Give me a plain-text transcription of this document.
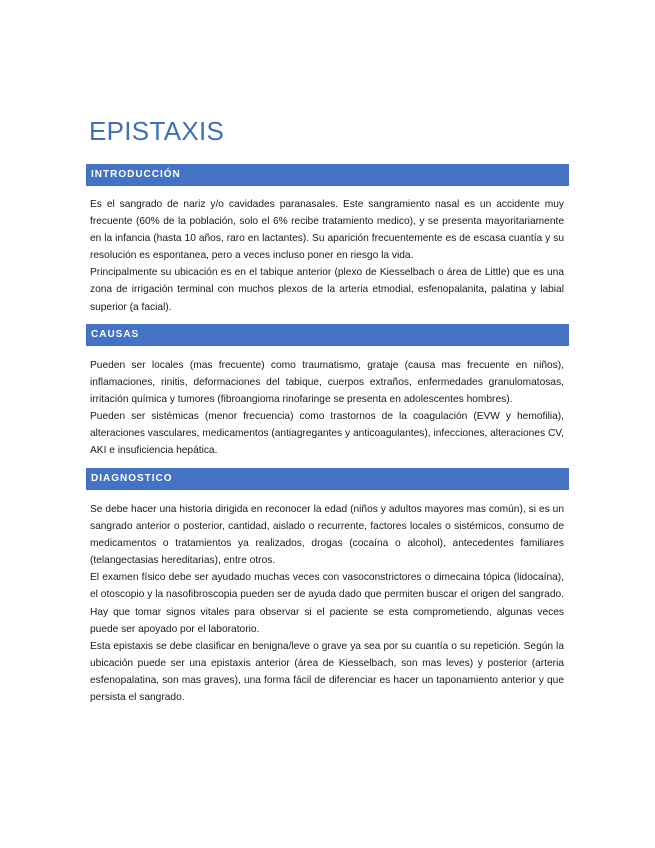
EPISTAXIS
INTRODUCCIÓN

Es el sangrado de nariz y/o cavidades paranasales. Este sangramiento nasal es un accidente muy frecuente (60% de la población, solo el 6% recibe tratamiento medico), y se presenta mayoritariamente en la infancia (hasta 10 años, raro en lactantes). Su aparición frecuentemente es de escasa cuantía y su resolución es espontanea, pero a veces incluso poner en riesgo la vida.

Principalmente su ubicación es en el tabique anterior (plexo de Kiesselbach o área de Little) que es una zona de irrigación terminal con muchos plexos de la arteria etmodial, esfenopalanita, palatina y labial superior (a facial).

CAUSAS

Pueden ser locales (mas frecuente) como traumatismo, grataje (causa mas frecuente en niños), inflamaciones, rinitis, deformaciones del tabique, cuerpos extraños, enfermedades granulomatosas, irritación química y tumores (fibroangioma rinofaringe se presenta en adolescentes hombres).

Pueden ser sistémicas (menor frecuencia) como trastornos de la coagulación (EVW y hemofilia), alteraciones vasculares, medicamentos (antiagregantes y anticoagulantes), infecciones, alteraciones CV, AKI e insuficiencia hepática.

DIAGNOSTICO

Se debe hacer una historia dirigida en reconocer la edad (niños y adultos mayores mas común), si es un sangrado anterior o posterior, cantidad, aislado o recurrente, factores locales o sistémicos, consumo de medicamentos o tratamientos ya realizados, drogas (cocaína o alcohol), antecedentes familiares (telangectasias hereditarias), entre otros.

El examen físico debe ser ayudado muchas veces con vasoconstrictores o dimecaina tópica (lidocaína), el otoscopio y la nasofibroscopia pueden ser de ayuda dado que permiten buscar el origen del sangrado. Hay que tomar signos vitales para observar si el paciente se esta comprometiendo, algunas veces puede ser apoyado por el laboratorio.

Esta epistaxis se debe clasificar en benigna/leve o grave ya sea por su cuantía o su repetición. Según la ubicación puede ser una epistaxis anterior (área de Kiesselbach, son mas leves) y posterior (arteria esfenopalatina, son mas graves), una forma fácil de diferenciar es hacer un taponamiento anterior y que persista el sangrado.
